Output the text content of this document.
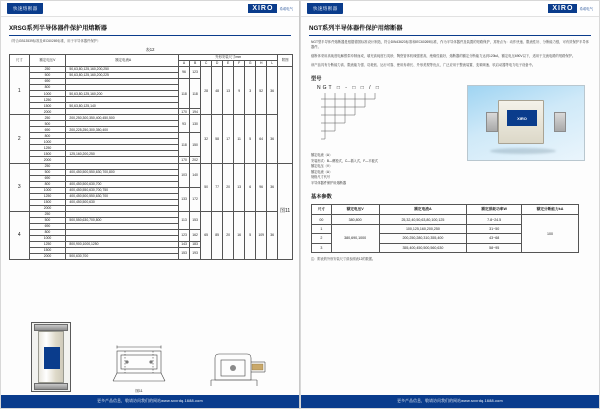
快速熔断器	XIRO	希诺电气
XRSG系列半导体器件保护用熔断器
（符合GB13539标准及IEC60269标准，用于半导体器件保护）
表12
尺寸	额定电压V	额定电流A	外形安装尺寸mm									附图
			A	B	C	D	E	F	G	H	L	
1	250	50,63,80,125,160,200,250	96	123	28	48	13	9	3	52	36	
	500	50,63,80,125,160,200,225										
	690		118	118								
	800											
	1000	50,63,80,125,160,200										
	1250											
	1500	50,63,80,125,140										
	2000		170	194								
2	250	200,250,300,350,400,450,500	93	130	32	58	17	11	5	64	36	
	500											
	690	200,225,250,300,350,400										
	800		118	150								
	1000											
	1250											
	1500	125,160,200,250										
	2000		170	202								
3	250		103	140	50	77	20	13	6	96	36	图11
	500	400,450,500,550,630,700,800										
	690											
	800	400,450,500,630,700										
	1000	400,450,550,630,700,750	133	172								
	1250	400,450,500,550,630,700										
	1500	400,450,500,630										
	2000											
4	250		113	153	65	85	20	16	5	109	36	
	500	500,550,630,700,800										
	690											
	800		123	162								
	1000											
	1250	800,900,1000,1250	143	183								
	1500		153	193								
	2000	500,630,700										
图11
更多产品信息，敬请访问我们的网站www.sxxrdq.1688.com
快速熔断器	XIRO	希诺电气
NGT系列半导体器件保护用熔断器
NGT型半导体件熔断器是根据德国标准设计制造，符合DIN43620标准和IEC60269标准，作为半导体器件及装置的短路保护，其特点为：动作快速、限流性好、分断能力强，可有效保护半导体器件。
熔断体采用高纯度电解银带冲制而成，填充高纯度石英砂，陶瓷管体机械强度高，绝缘性能好，熔断器的额定分断能力达到120kA，额定电压690V以下，适用于交流电路的短路保护。
该产品具有分断能力高、限流能力强、功耗低、运行可靠、使用寿命长、外形美观等优点，广泛应用于整流装置、变频调速、软启动器等电力电子设备中。
型号
NGT □ - □ □ / □
额定电流（A）
安装形式：B—螺栓式，C—插入式，F—平板式
额定电压（V）
额定电流（A）
规格尺寸代号
半导体器件保护用熔断器
XIRO
基本参数
尺寸	额定电压V	额定电流A	额定损耗功率W	额定分断能力kA
00	380,800	25,32,40,50,63,80,100,125	7.8~24.5	100
1	380,690,1000	100,125,160,200,250	31~50	
2		200,250,280,310,355,400	43~68	
3		355,400,450,500,560,630	58~95	
注：附表的外形安装尺寸请参照表12的数据。
更多产品信息，敬请访问我们的网站www.sxxrdq.1688.com
